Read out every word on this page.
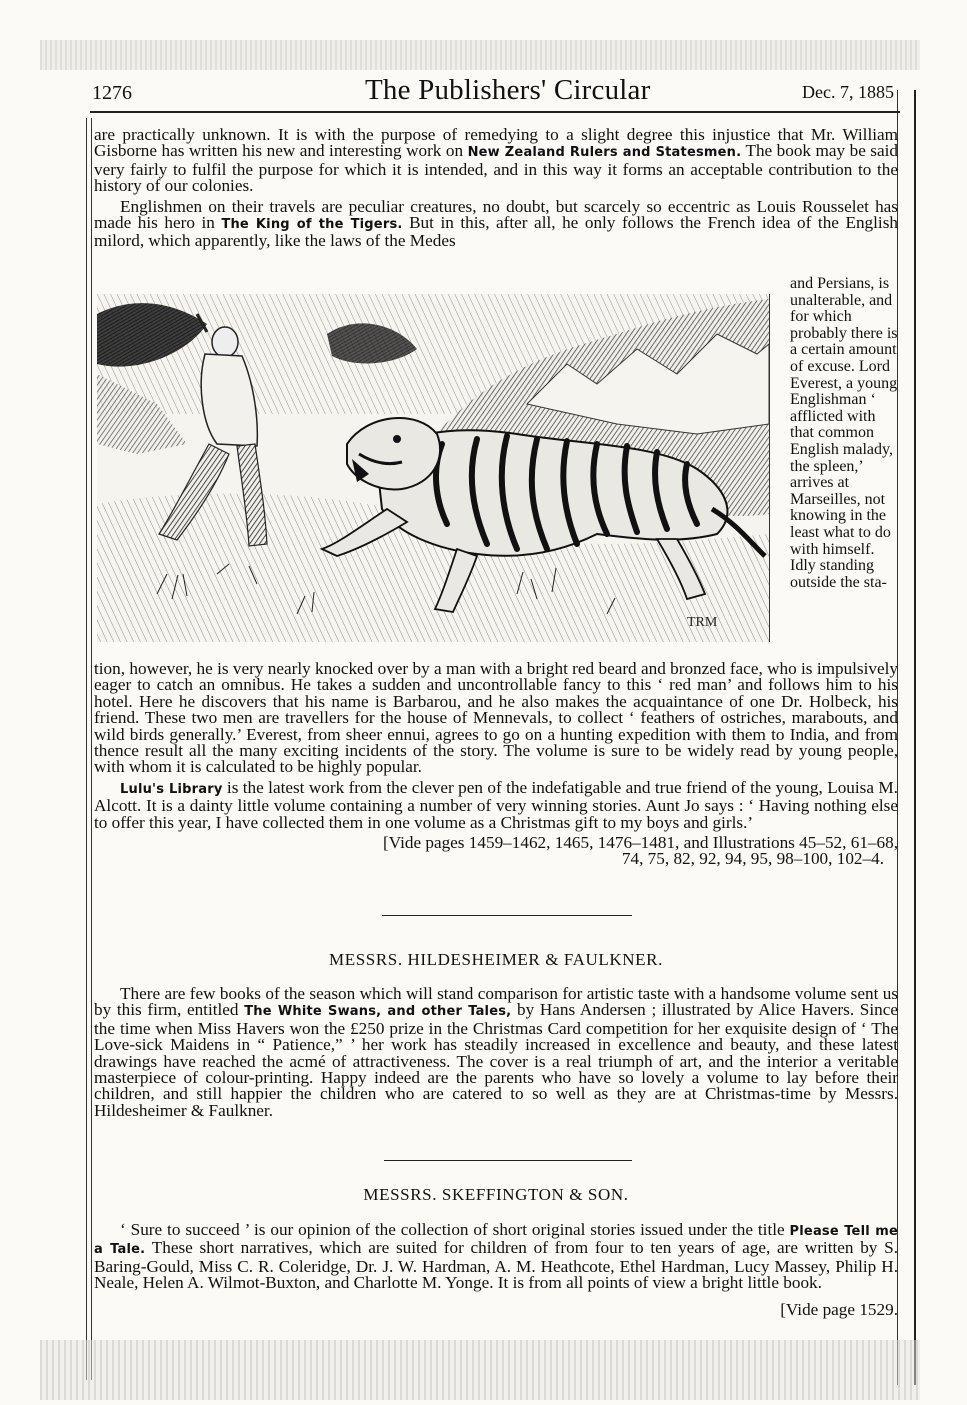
1276	The Publishers' Circular	Dec. 7, 1885

are practically unknown. It is with the purpose of remedying to a slight degree this injustice that Mr. William Gisborne has written his new and interesting work on New Zealand Rulers and Statesmen. The book may be said very fairly to fulfil the purpose for which it is intended, and in this way it forms an acceptable contribution to the history of our colonies.

Englishmen on their travels are peculiar creatures, no doubt, but scarcely so eccentric as Louis Rousselet has made his hero in The King of the Tigers. But in this, after all, he only follows the French idea of the English milord, which apparently, like the laws of the Medes

TRM
and Persians, is unalterable, and for which probably there is a certain amount of excuse. Lord Everest, a young Englishman ‘ afflicted with that common English malady, the spleen,’ arrives at Marseilles, not knowing in the least what to do with himself. Idly standing outside the sta-

tion, however, he is very nearly knocked over by a man with a bright red beard and bronzed face, who is impulsively eager to catch an omnibus. He takes a sudden and uncontrollable fancy to this ‘ red man’ and follows him to his hotel. Here he discovers that his name is Barbarou, and he also makes the acquaintance of one Dr. Holbeck, his friend. These two men are travellers for the house of Mennevals, to collect ‘ feathers of ostriches, marabouts, and wild birds generally.’ Everest, from sheer ennui, agrees to go on a hunting expedition with them to India, and from thence result all the many exciting incidents of the story. The volume is sure to be widely read by young people, with whom it is calculated to be highly popular.

Lulu's Library is the latest work from the clever pen of the indefatigable and true friend of the young, Louisa M. Alcott. It is a dainty little volume containing a number of very winning stories. Aunt Jo says : ‘ Having nothing else to offer this year, I have collected them in one volume as a Christmas gift to my boys and girls.’

[Vide pages 1459–1462, 1465, 1476–1481, and Illustrations 45–52, 61–68,

74, 75, 82, 92, 94, 95, 98–100, 102–4.

MESSRS. HILDESHEIMER & FAULKNER.
There are few books of the season which will stand comparison for artistic taste with a handsome volume sent us by this firm, entitled The White Swans, and other Tales, by Hans Andersen ; illustrated by Alice Havers. Since the time when Miss Havers won the £250 prize in the Christmas Card competition for her exquisite design of ‘ The Love-sick Maidens in “ Patience,” ’ her work has steadily increased in excellence and beauty, and these latest drawings have reached the acmé of attractiveness. The cover is a real triumph of art, and the interior a veritable masterpiece of colour-printing. Happy indeed are the parents who have so lovely a volume to lay before their children, and still happier the children who are catered to so well as they are at Christmas-time by Messrs. Hildesheimer & Faulkner.
MESSRS. SKEFFINGTON & SON.
‘ Sure to succeed ’ is our opinion of the collection of short original stories issued under the title Please Tell me a Tale. These short narratives, which are suited for children of from four to ten years of age, are written by S. Baring-Gould, Miss C. R. Coleridge, Dr. J. W. Hardman, A. M. Heathcote, Ethel Hardman, Lucy Massey, Philip H. Neale, Helen A. Wilmot-Buxton, and Charlotte M. Yonge. It is from all points of view a bright little book.
[Vide page 1529.
